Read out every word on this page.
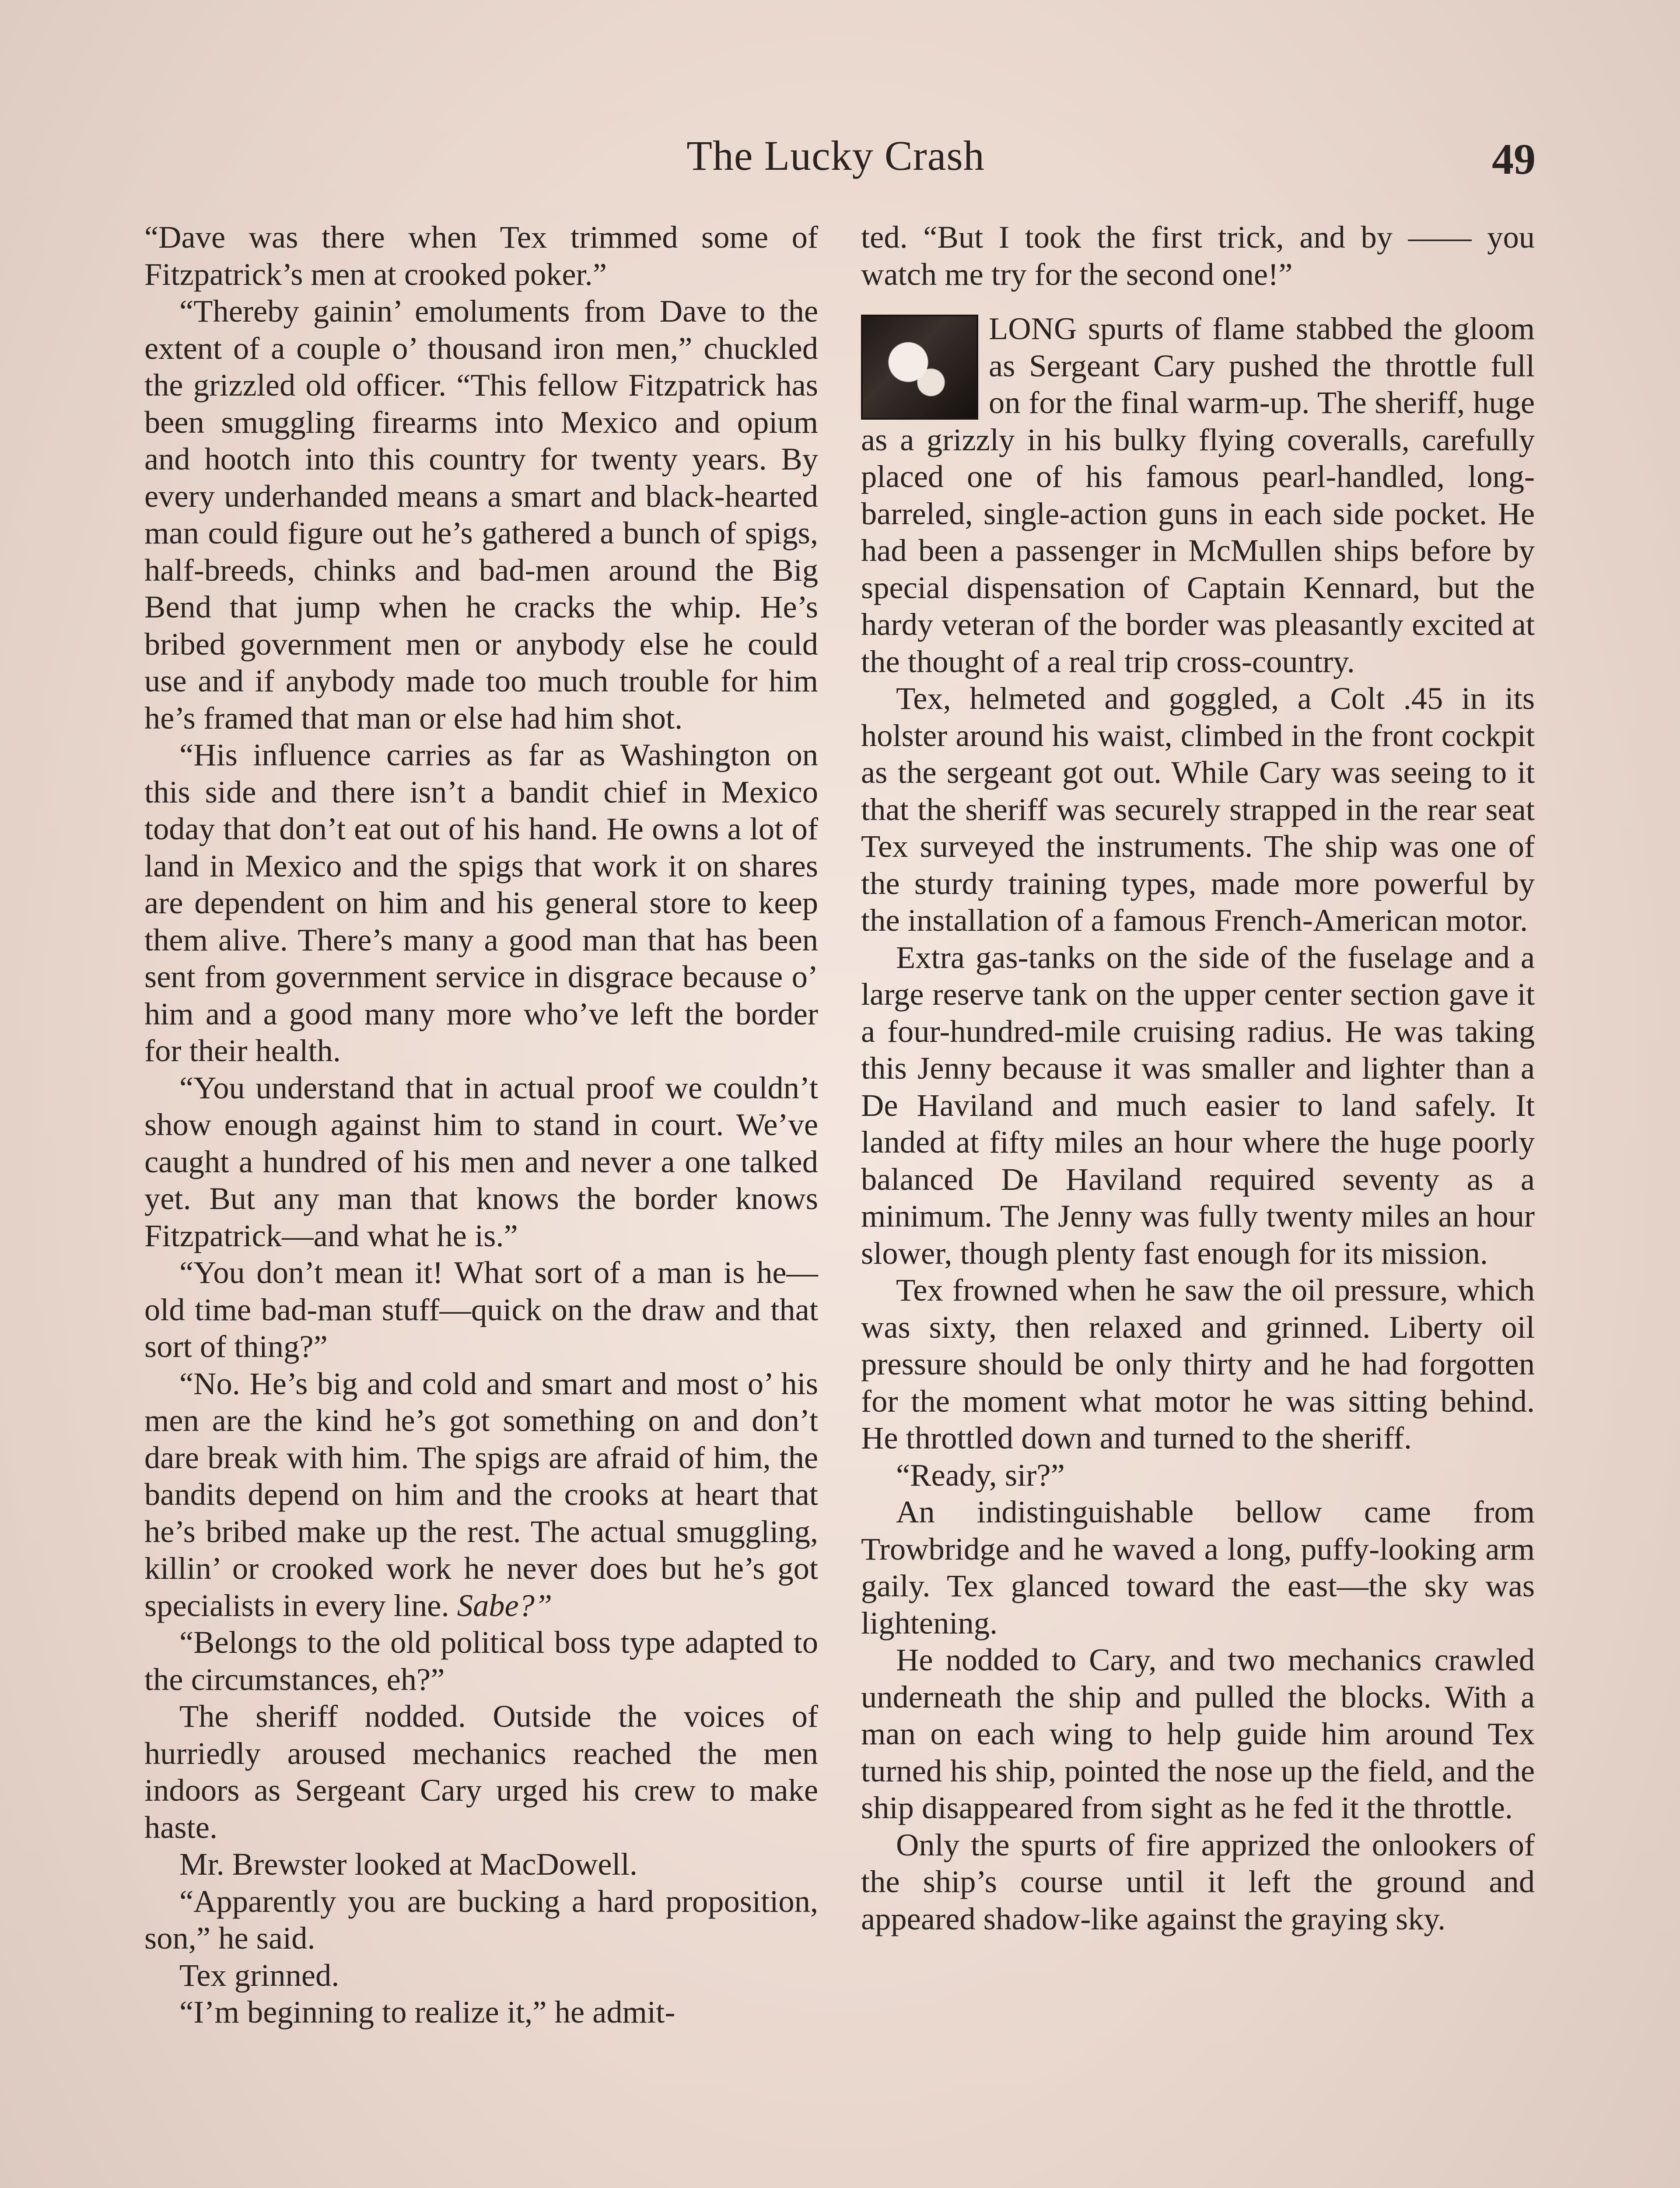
The Lucky Crash	49

“Dave was there when Tex trimmed some of Fitzpatrick’s men at crooked poker.”

“Thereby gainin’ emoluments from Dave to the extent of a couple o’ thousand iron men,” chuckled the grizzled old officer. “This fellow Fitzpatrick has been smuggling firearms into Mexico and opium and hootch into this country for twenty years. By every underhanded means a smart and black-hearted man could figure out he’s gathered a bunch of spigs, half-breeds, chinks and bad-men around the Big Bend that jump when he cracks the whip. He’s bribed government men or anybody else he could use and if anybody made too much trouble for him he’s framed that man or else had him shot.

“His influence carries as far as Washington on this side and there isn’t a bandit chief in Mexico today that don’t eat out of his hand. He owns a lot of land in Mexico and the spigs that work it on shares are dependent on him and his general store to keep them alive. There’s many a good man that has been sent from government service in disgrace because o’ him and a good many more who’ve left the border for their health.

“You understand that in actual proof we couldn’t show enough against him to stand in court. We’ve caught a hundred of his men and never a one talked yet. But any man that knows the border knows Fitzpatrick—and what he is.”

“You don’t mean it! What sort of a man is he—old time bad-man stuff—quick on the draw and that sort of thing?”

“No. He’s big and cold and smart and most o’ his men are the kind he’s got something on and don’t dare break with him. The spigs are afraid of him, the bandits depend on him and the crooks at heart that he’s bribed make up the rest. The actual smuggling, killin’ or crooked work he never does but he’s got specialists in every line. Sabe?”

“Belongs to the old political boss type adapted to the circumstances, eh?”

The sheriff nodded. Outside the voices of hurriedly aroused mechanics reached the men indoors as Sergeant Cary urged his crew to make haste.

Mr. Brewster looked at MacDowell.

“Apparently you are bucking a hard proposition, son,” he said.

Tex grinned.

“I’m beginning to realize it,” he admit-

ted. “But I took the first trick, and by —— you watch me try for the second one!”

LONG spurts of flame stabbed the gloom as Sergeant Cary pushed the throttle full on for the final warm-up. The sheriff, huge as a grizzly in his bulky flying coveralls, carefully placed one of his famous pearl-handled, long-barreled, single-action guns in each side pocket. He had been a passenger in McMullen ships before by special dispensation of Captain Kennard, but the hardy veteran of the border was pleasantly excited at the thought of a real trip cross-country.

Tex, helmeted and goggled, a Colt .45 in its holster around his waist, climbed in the front cockpit as the sergeant got out. While Cary was seeing to it that the sheriff was securely strapped in the rear seat Tex surveyed the instruments. The ship was one of the sturdy training types, made more powerful by the installation of a famous French-American motor.

Extra gas-tanks on the side of the fuselage and a large reserve tank on the upper center section gave it a four-hundred-mile cruising radius. He was taking this Jenny because it was smaller and lighter than a De Haviland and much easier to land safely. It landed at fifty miles an hour where the huge poorly balanced De Haviland required seventy as a minimum. The Jenny was fully twenty miles an hour slower, though plenty fast enough for its mission.

Tex frowned when he saw the oil pressure, which was sixty, then relaxed and grinned. Liberty oil pressure should be only thirty and he had forgotten for the moment what motor he was sitting behind. He throttled down and turned to the sheriff.

“Ready, sir?”

An indistinguishable bellow came from Trowbridge and he waved a long, puffy-looking arm gaily. Tex glanced toward the east—the sky was lightening.

He nodded to Cary, and two mechanics crawled underneath the ship and pulled the blocks. With a man on each wing to help guide him around Tex turned his ship, pointed the nose up the field, and the ship disappeared from sight as he fed it the throttle.

Only the spurts of fire apprized the onlookers of the ship’s course until it left the ground and appeared shadow-like against the graying sky.
